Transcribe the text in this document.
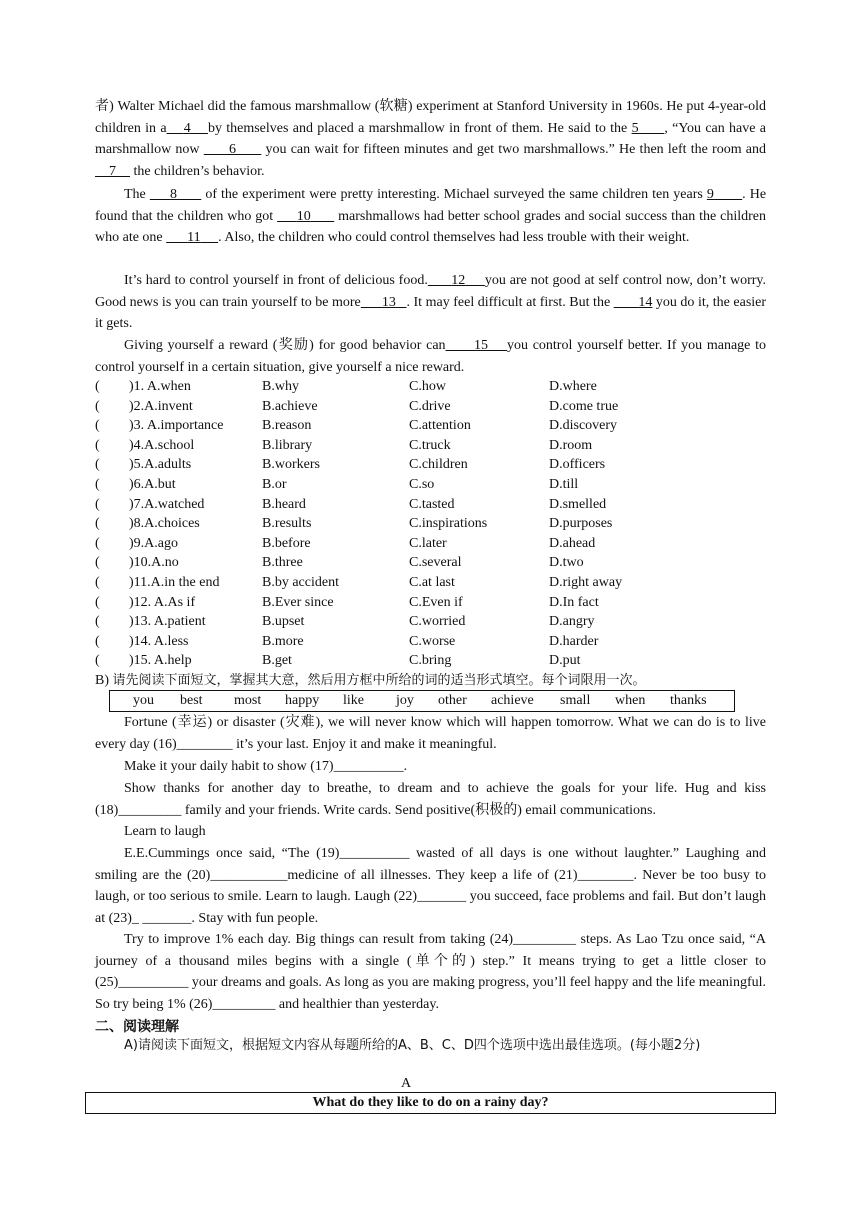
者) Walter Michael did the famous marshmallow (软糖) experiment at Stanford University in 1960s. He put 4-year-old children in a 4 by themselves and placed a marshmallow in front of them. He said to the 5 , “You can have a marshmallow now 6 you can wait for fifteen minutes and get two marshmallows.” He then left the room and     7 the children’s behavior.

The 8 of the experiment were pretty interesting. Michael surveyed the same children ten years 9 . He found that the children who got 10 marshmallows had better school grades and social success than the children who ate one 11 . Also, the children who could control themselves had less trouble with their weight.

It’s hard to control yourself in front of delicious food. 12 you are not good at self control now, don’t worry. Good news is you can train yourself to be more 13 . It may feel difficult at first. But the 14 you do it, the easier it gets.

Giving yourself a reward (奖励) for good behavior can 15 you control yourself better. If you manage to control yourself in a certain situation, give yourself a nice reward.

( )1. A.when	B.why	C.how	D.where
( )2.A.invent	B.achieve	C.drive	D.come true
( )3. A.importance	B.reason	C.attention	D.discovery
( )4.A.school	B.library	C.truck	D.room
( )5.A.adults	B.workers	C.children	D.officers
( )6.A.but	B.or	C.so	D.till
( )7.A.watched	B.heard	C.tasted	D.smelled
( )8.A.choices	B.results	C.inspirations	D.purposes
( )9.A.ago	B.before	C.later	D.ahead
( )10.A.no	B.three	C.several	D.two
( )11.A.in the end	B.by accident	C.at last	D.right away
( )12. A.As if	B.Ever since	C.Even if	D.In fact
( )13. A.patient	B.upset	C.worried	D.angry
( )14. A.less	B.more	C.worse	D.harder
( )15. A.help	B.get	C.bring	D.put

B) 请先阅读下面短文，掌握其大意，然后用方框中所给的词的适当形式填空。每个词限用一次。

you best most happy like joy other achieve small when thanks

Fortune (幸运) or disaster (灾难), we will never know which will happen tomorrow. What we can do is to live every day (16)________ it’s your last. Enjoy it and make it meaningful.

Make it your daily habit to show (17)__________.

Show thanks for another day to breathe, to dream and to achieve the goals for your life. Hug and kiss (18)_________ family and your friends. Write cards. Send positive(积极的) email communications.

Learn to laugh

E.E.Cummings once said, “The (19)__________ wasted of all days is one without laughter.” Laughing and smiling are the (20)___________medicine of all illnesses. They keep a life of (21)________. Never be too busy to laugh, or too serious to smile. Learn to laugh. Laugh (22)_______ you succeed, face problems and fail. But don’t laugh at (23)_ _______. Stay with fun people.

Try to improve 1% each day. Big things can result from taking (24)_________ steps. As Lao Tzu once said, “A journey of a thousand miles begins with a single (单个的) step.” It means trying to get a little closer to (25)__________ your dreams and goals. As long as you are making progress, you’ll feel happy and the life meaningful. So try being 1% (26)_________ and healthier than yesterday.

二、阅读理解

A)请阅读下面短文，根据短文内容从每题所给的A、B、C、D四个选项中选出最佳选项。(每小题2分)

A
What do they like to do on a rainy day?
